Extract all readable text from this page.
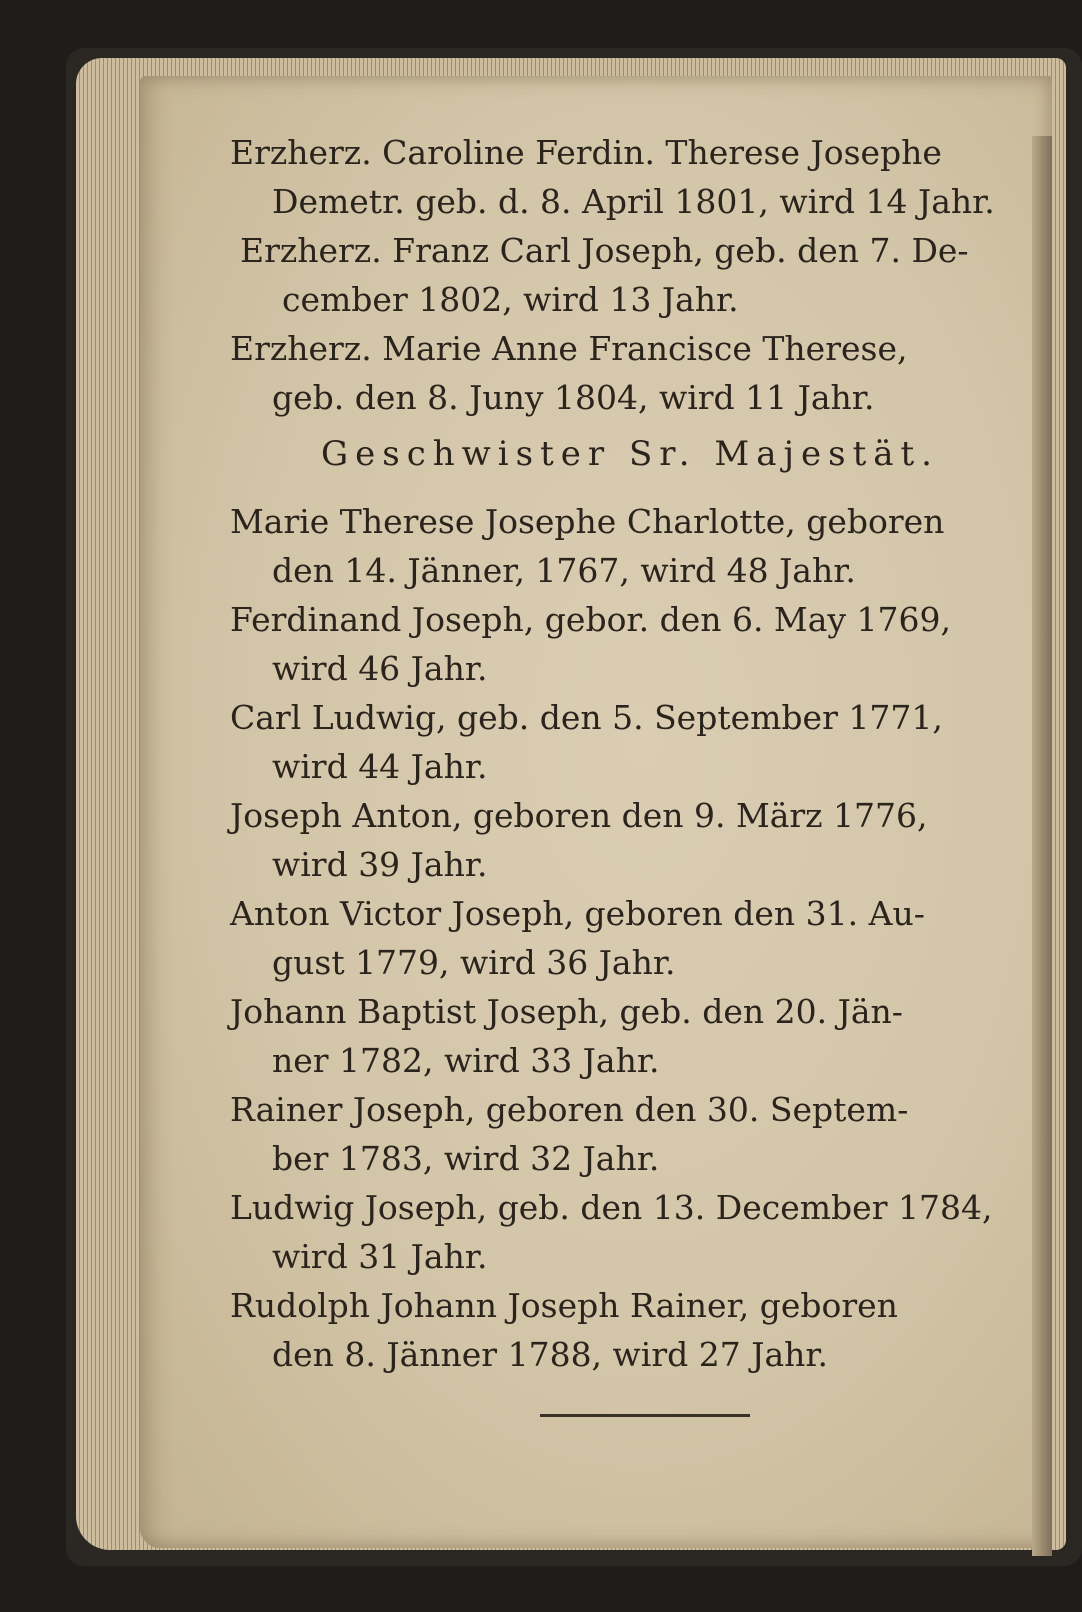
Erzherz. Caroline Ferdin. Therese Josephe
Demetr. geb. d. 8. April 1801, wird 14 Jahr.

Erzherz. Franz Carl Joseph, geb. den 7. De-
cember 1802, wird 13 Jahr.

Erzherz. Marie Anne Francisce Therese,
geb. den 8. Juny 1804, wird 11 Jahr.

Geschwister Sr. Majestät.

Marie Therese Josephe Charlotte, geboren
den 14. Jänner, 1767, wird 48 Jahr.

Ferdinand Joseph, gebor. den 6. May 1769,
wird 46 Jahr.

Carl Ludwig, geb. den 5. September 1771,
wird 44 Jahr.

Joseph Anton, geboren den 9. März 1776,
wird 39 Jahr.

Anton Victor Joseph, geboren den 31. Au-
gust 1779, wird 36 Jahr.

Johann Baptist Joseph, geb. den 20. Jän-
ner 1782, wird 33 Jahr.

Rainer Joseph, geboren den 30. Septem-
ber 1783, wird 32 Jahr.

Ludwig Joseph, geb. den 13. December 1784,
wird 31 Jahr.

Rudolph Johann Joseph Rainer, geboren
den 8. Jänner 1788, wird 27 Jahr.
